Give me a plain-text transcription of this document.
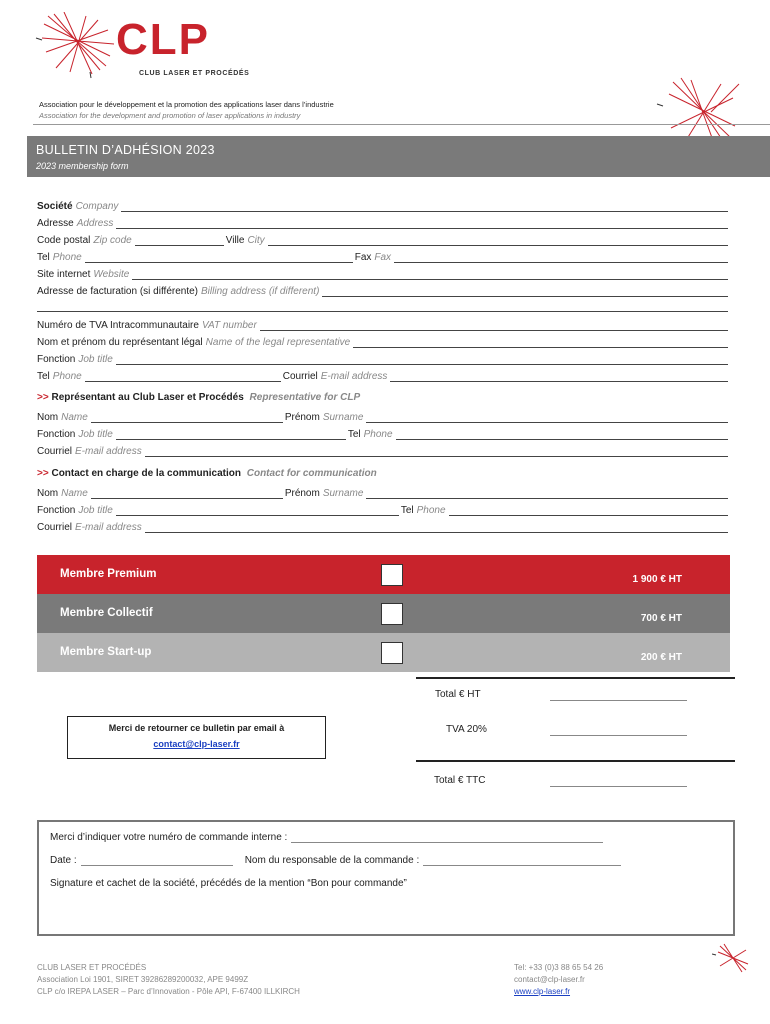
CLP
CLUB LASER ET PROCÉDÉS
Association pour le développement et la promotion des applications laser dans l’industrie
Association for the development and promotion of laser applications in industry
BULLETIN D’ADHÉSION 2023
2023 membership form
Société Company
Adresse Address
Code postal Zip code	Ville City
Tel Phone	Fax Fax
Site internet Website
Adresse de facturation (si différente) Billing address (if different)
Numéro de TVA Intracommunautaire VAT number
Nom et prénom du représentant légal Name of the legal representative
Fonction Job title
Tel Phone	Courriel E-mail address
>> Représentant au Club Laser et Procédés Representative for CLP
Nom Name	Prénom Surname
Fonction Job title	Tel Phone
Courriel E-mail address
>> Contact en charge de la communication Contact for communication
Nom Name	Prénom Surname
Fonction Job title	Tel Phone
Courriel E-mail address
Membre Premium	1 900 € HT
Membre Collectif	700 € HT
Membre Start-up	200 € HT
Total € HT
TVA 20%
Total € TTC
Merci de retourner ce bulletin par email à
contact@clp-laser.fr
Merci d’indiquer votre numéro de commande interne :
Date :	Nom du responsable de la commande :
Signature et cachet de la société, précédés de la mention “Bon pour commande”
CLUB LASER ET PROCÉDÉS
Association Loi 1901, SIRET 39286289200032, APE 9499Z
CLP c/o IREPA LASER – Parc d’Innovation - Pôle API, F-67400 ILLKIRCH
Tel: +33 (0)3 88 65 54 26
contact@clp-laser.fr
www.clp-laser.fr
